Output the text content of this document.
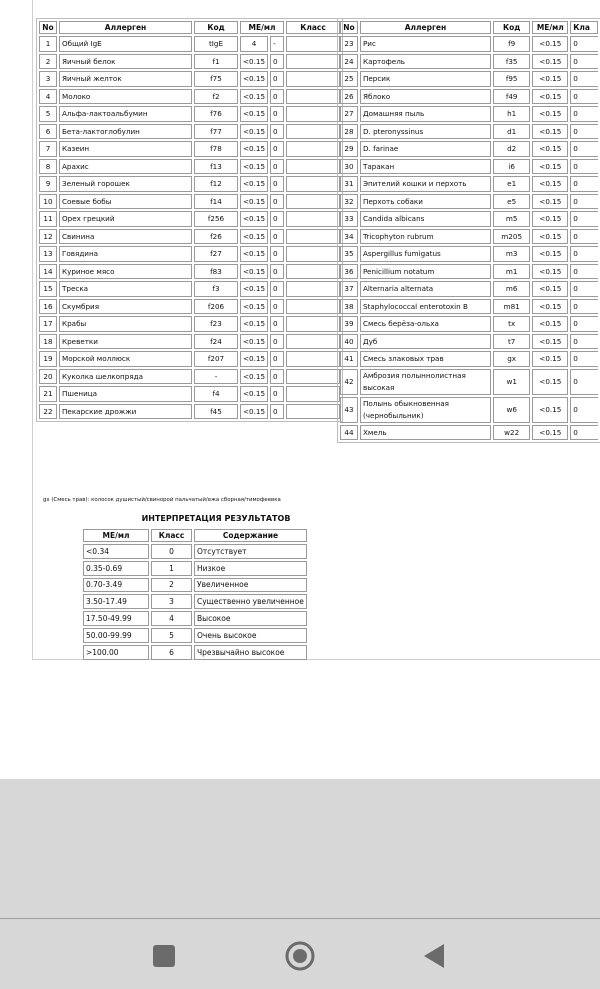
No	Аллерген	Код	МЕ/мл		Класс
1	Общий IgE	tIgE	4	-	
2	Яичный белок	f1	<0.15	0	
3	Яичный желток	f75	<0.15	0	
4	Молоко	f2	<0.15	0	
5	Альфа-лактоальбумин	f76	<0.15	0	
6	Бета-лактоглобулин	f77	<0.15	0	
7	Казеин	f78	<0.15	0	
8	Арахис	f13	<0.15	0	
9	Зеленый горошек	f12	<0.15	0	
10	Соевые бобы	f14	<0.15	0	
11	Орех грецкий	f256	<0.15	0	
12	Свинина	f26	<0.15	0	
13	Говядина	f27	<0.15	0	
14	Куриное мясо	f83	<0.15	0	
15	Треска	f3	<0.15	0	
16	Скумбрия	f206	<0.15	0	
17	Крабы	f23	<0.15	0	
18	Креветки	f24	<0.15	0	
19	Морской моллюск	f207	<0.15	0	
20	Куколка шелкопряда	-	<0.15	0	
21	Пшеница	f4	<0.15	0	
22	Пекарские дрожжи	f45	<0.15	0	
No	Аллерген	Код	МЕ/мл	Кла
23	Рис	f9	<0.15	0
24	Картофель	f35	<0.15	0
25	Персик	f95	<0.15	0
26	Яблоко	f49	<0.15	0
27	Домашняя пыль	h1	<0.15	0
28	D. pteronyssinus	d1	<0.15	0
29	D. farinae	d2	<0.15	0
30	Таракан	i6	<0.15	0
31	Эпителий кошки и перхоть	e1	<0.15	0
32	Перхоть собаки	e5	<0.15	0
33	Candida albicans	m5	<0.15	0
34	Tricophyton rubrum	m205	<0.15	0
35	Aspergillus fumigatus	m3	<0.15	0
36	Penicillium notatum	m1	<0.15	0
37	Alternaria alternata	m6	<0.15	0
38	Staphylococcal enterotoxin B	m81	<0.15	0
39	Смесь берёза-ольха	tx	<0.15	0
40	Дуб	t7	<0.15	0
41	Смесь злаковых трав	gx	<0.15	0
42	Амброзия полыннолистная высокая	w1	<0.15	0
43	Полынь обыкновенная (чернобыльник)	w6	<0.15	0
44	Хмель	w22	<0.15	0
gx (Смесь трав): колосок душистый/свинорой пальчатый/ежа сборная/тимофеевка
ИНТЕРПРЕТАЦИЯ РЕЗУЛЬТАТОВ
МЕ/мл	Класс	Содержание
<0.34	0	Отсутствует
0.35-0.69	1	Низкое
0.70-3.49	2	Увеличенное
3.50-17.49	3	Существенно увеличенное
17.50-49.99	4	Высокое
50.00-99.99	5	Очень высокое
>100.00	6	Чрезвычайно высокое
